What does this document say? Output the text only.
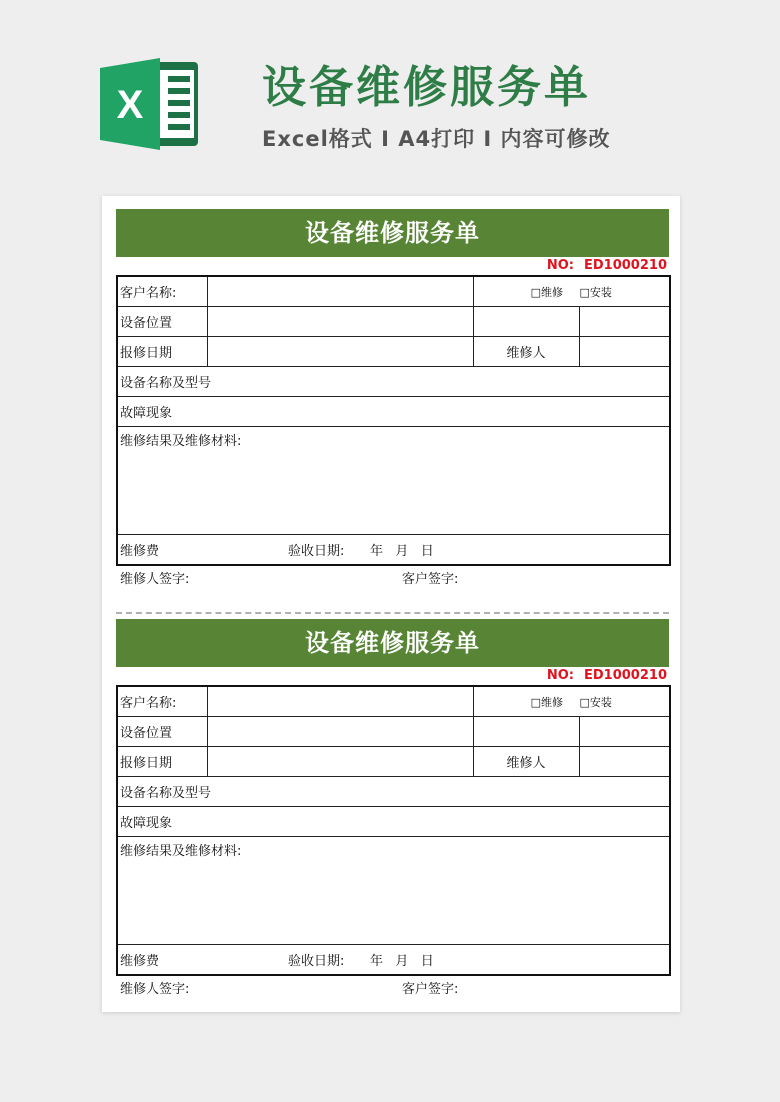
X	设备维修服务单
Excel格式 I A4打印 I 内容可修改
设备维修服务单
NO: ED1000210
客户名称:		□维修 □安装	
设备位置			
报修日期		维修人	
设备名称及型号			
故障现象			
维修结果及维修材料:			
维修费 验收日期: 年   月   日			
维修人签字:	客户签字:
设备维修服务单
NO: ED1000210
客户名称:		□维修 □安装	
设备位置			
报修日期		维修人	
设备名称及型号			
故障现象			
维修结果及维修材料:			
维修费 验收日期: 年   月   日			
维修人签字:	客户签字:
